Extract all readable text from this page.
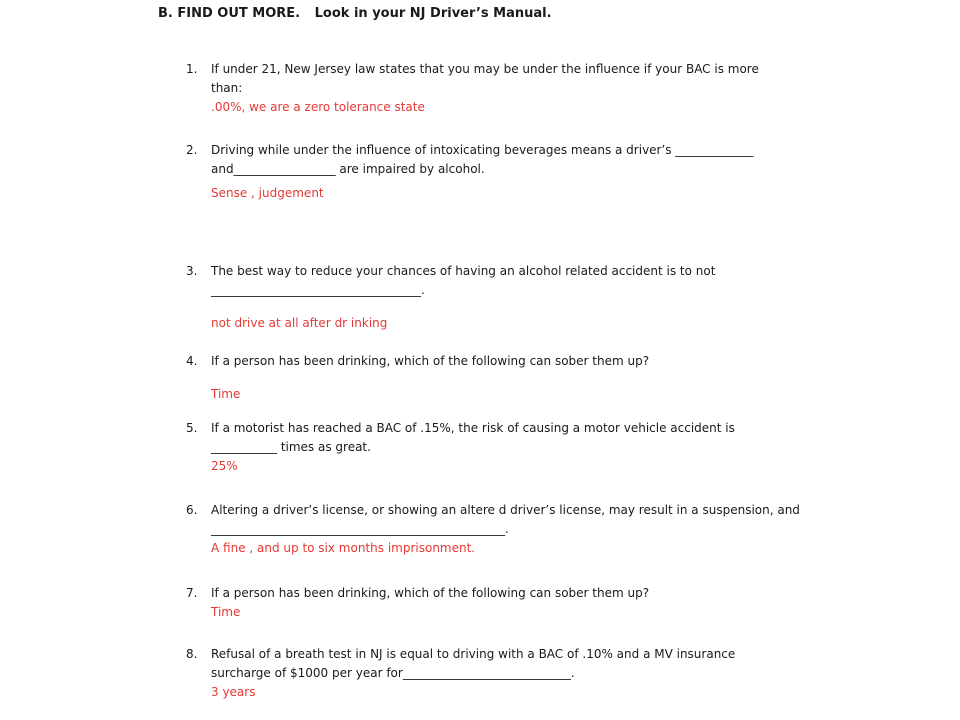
B. FIND OUT MORE. Look in your NJ Driver’s Manual.
1.	If under 21, New Jersey law states that you may be under the influence if your BAC is more
than:
.00%, we are a zero tolerance state
2.	Driving while under the influence of intoxicating beverages means a driver’s _____________
and_________________ are impaired by alcohol.
Sense , judgement
3.	The best way to reduce your chances of having an alcohol related accident is to not
___________________________________.
not drive at all after dr inking
4.	If a person has been drinking, which of the following can sober them up?
Time
5.	If a motorist has reached a BAC of .15%, the risk of causing a motor vehicle accident is
___________ times as great.
25%
6.	Altering a driver’s license, or showing an altere d driver’s license, may result in a suspension, and
_________________________________________________.
A fine , and up to six months imprisonment.
7.	If a person has been drinking, which of the following can sober them up?
Time
8.	Refusal of a breath test in NJ is equal to driving with a BAC of .10% and a MV insurance
surcharge of $1000 per year for____________________________.
3 years
